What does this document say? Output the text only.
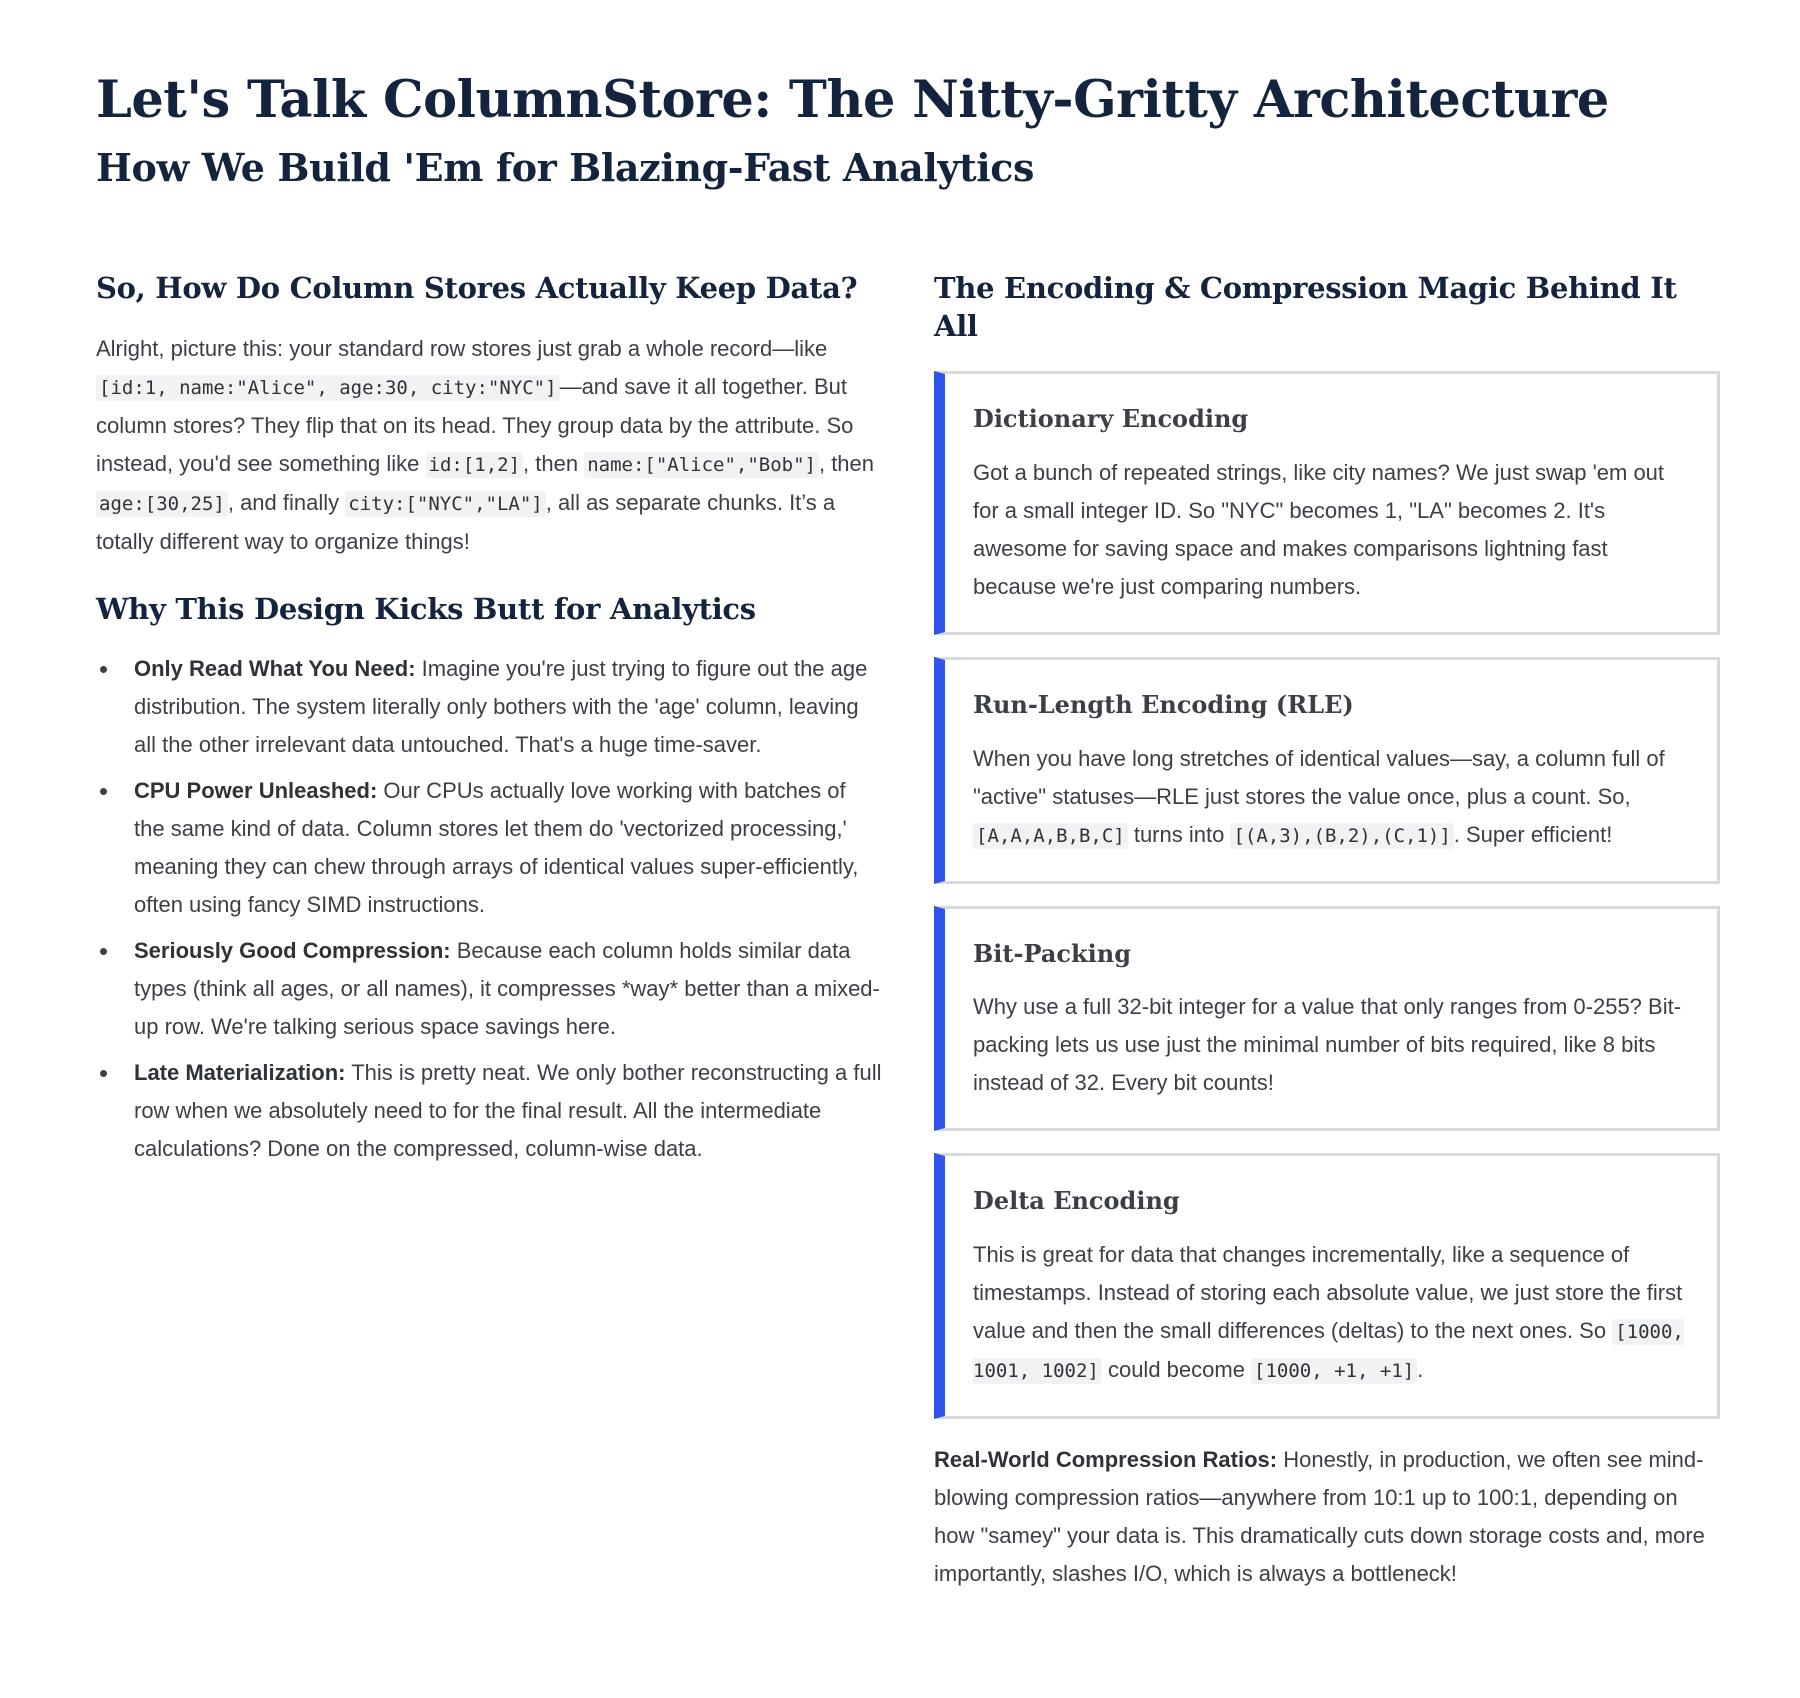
Let's Talk ColumnStore: The Nitty-Gritty Architecture
How We Build 'Em for Blazing-Fast Analytics
So, How Do Column Stores Actually Keep Data?

Alright, picture this: your standard row stores just grab a whole record—like [id:1, name:"Alice", age:30, city:"NYC"] —and save it all together. But column stores? They flip that on its head. They group data by the attribute. So instead, you'd see something like id:[1,2] , then name:["Alice","Bob"] , then age:[30,25] , and finally city:["NYC","LA"] , all as separate chunks. It’s a totally different way to organize things!

Why This Design Kicks Butt for Analytics
Only Read What You Need: Imagine you're just trying to figure out the age distribution. The system literally only bothers with the 'age' column, leaving all the other irrelevant data untouched. That's a huge time-saver.
CPU Power Unleashed: Our CPUs actually love working with batches of the same kind of data. Column stores let them do 'vectorized processing,' meaning they can chew through arrays of identical values super-efficiently, often using fancy SIMD instructions.
Seriously Good Compression: Because each column holds similar data types (think all ages, or all names), it compresses *way* better than a mixed-up row. We're talking serious space savings here.
Late Materialization: This is pretty neat. We only bother reconstructing a full row when we absolutely need to for the final result. All the intermediate calculations? Done on the compressed, column-wise data.
The Encoding & Compression Magic Behind It All
Dictionary Encoding

Got a bunch of repeated strings, like city names? We just swap 'em out for a small integer ID. So "NYC" becomes 1, "LA" becomes 2. It's awesome for saving space and makes comparisons lightning fast because we're just comparing numbers.

Run-Length Encoding (RLE)

When you have long stretches of identical values—say, a column full of "active" statuses—RLE just stores the value once, plus a count. So, [A,A,A,B,B,C] turns into [(A,3),(B,2),(C,1)] . Super efficient!

Bit-Packing

Why use a full 32-bit integer for a value that only ranges from 0-255? Bit-packing lets us use just the minimal number of bits required, like 8 bits instead of 32. Every bit counts!

Delta Encoding

This is great for data that changes incrementally, like a sequence of timestamps. Instead of storing each absolute value, we just store the first value and then the small differences (deltas) to the next ones. So [1000, 1001, 1002] could become [1000, +1, +1] .

Real-World Compression Ratios: Honestly, in production, we often see mind-blowing compression ratios—anywhere from 10:1 up to 100:1, depending on how "samey" your data is. This dramatically cuts down storage costs and, more importantly, slashes I/O, which is always a bottleneck!
